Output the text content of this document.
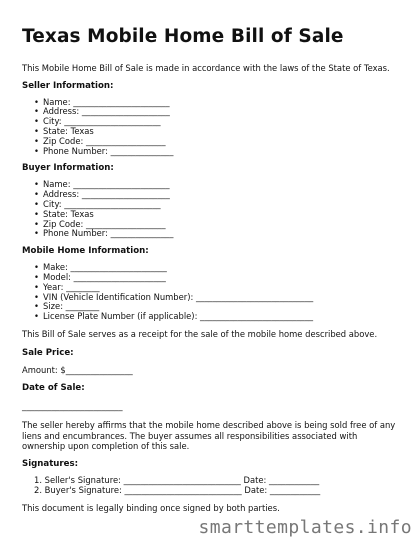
Texas Mobile Home Bill of Sale

This Mobile Home Bill of Sale is made in accordance with the laws of the State of Texas.

Seller Information:
• Name: _______________________
• Address: _____________________
• City: _______________________
• State: Texas
• Zip Code: ___________________
• Phone Number: _______________
Buyer Information:
• Name: _______________________
• Address: _____________________
• City: _______________________
• State: Texas
• Zip Code: ___________________
• Phone Number: _______________
Mobile Home Information:
• Make: _______________________
• Model: ______________________
• Year: ________
• VIN (Vehicle Identification Number): ____________________________
• Size: ________
• License Plate Number (if applicable): ___________________________

This Bill of Sale serves as a receipt for the sale of the mobile home described above.

Sale Price:

Amount: $________________

Date of Sale:

________________________

The seller hereby affirms that the mobile home described above is being sold free of any liens and encumbrances. The buyer assumes all responsibilities associated with ownership upon completion of this sale.

Signatures:
1. Seller's Signature: ____________________________ Date: ____________
2. Buyer's Signature: ____________________________ Date: ____________

This document is legally binding once signed by both parties.

smarttemplates.info
